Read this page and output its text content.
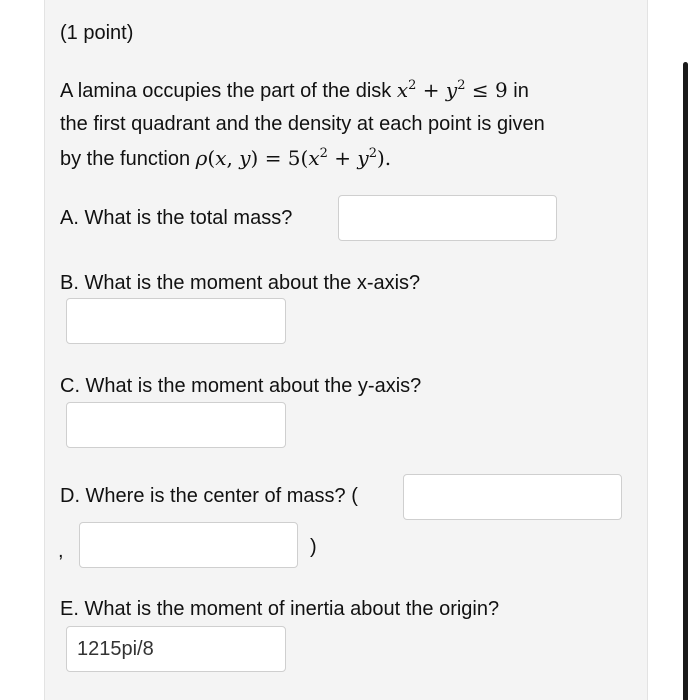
(1 point)
A lamina occupies the part of the disk $x^2 + y^2 \le 9$ in
the first quadrant and the density at each point is given
by the function ρ(x, $y) = 5(x^2 + y^2)$.
A. What is the total mass?
B. What is the moment about the x-axis?
C. What is the moment about the y-axis?
D. Where is the center of mass? (
,	)
E. What is the moment of inertia about the origin?
1215pi/8
